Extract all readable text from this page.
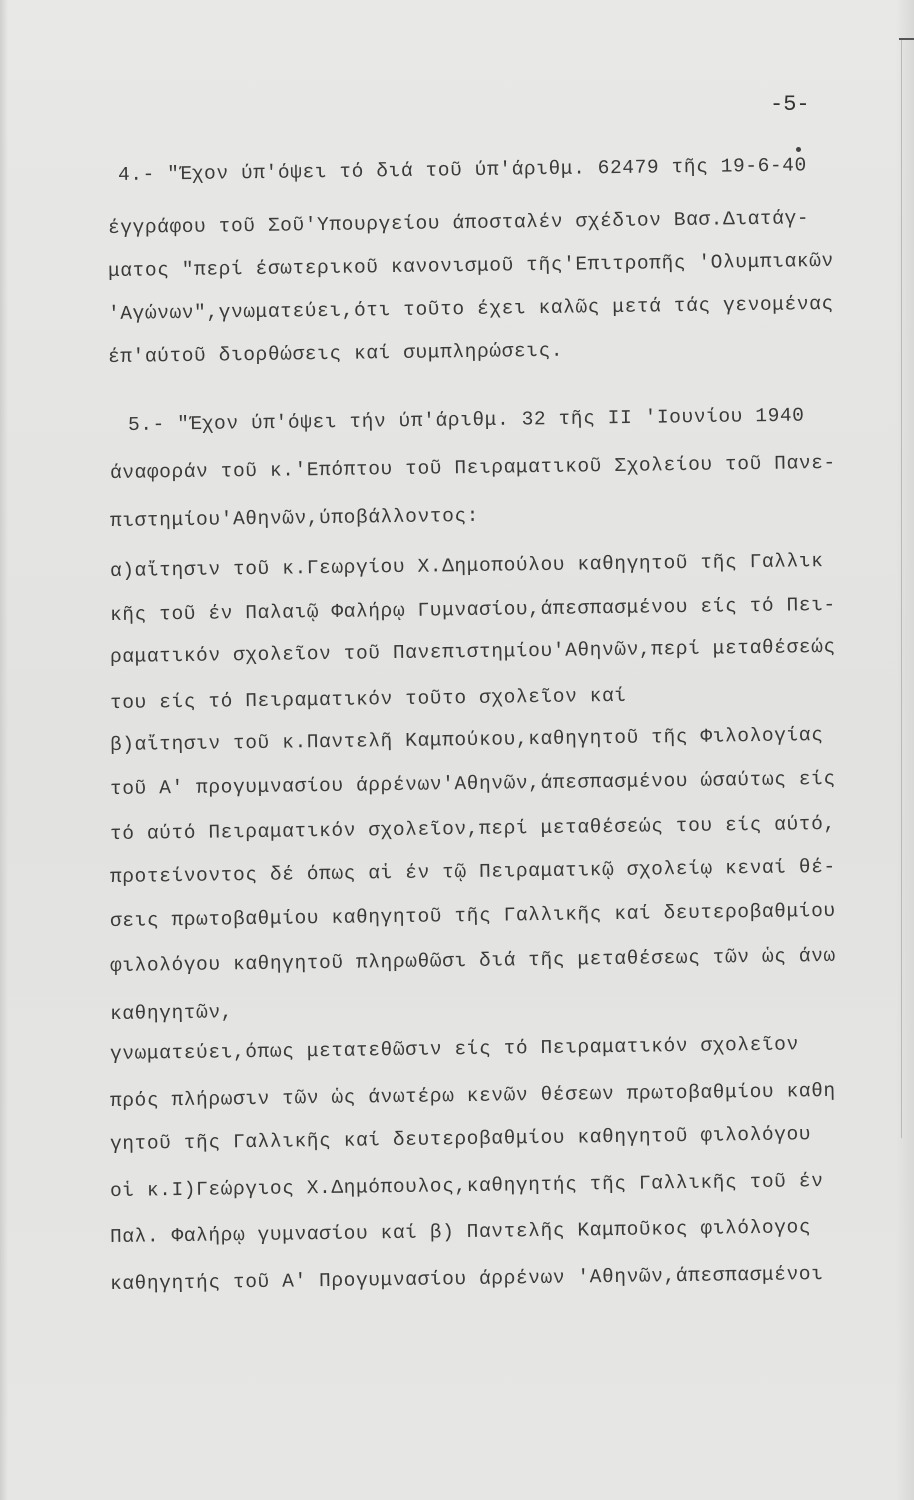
-5-
4.- "Έχον ύπ'όψει τό διά τοῦ ύπ'άριθμ. 62479 τῆς 19-6-40
έγγράφου τοῦ Σοῦ'Υπουργείου άποσταλέν σχέδιον Βασ.Διατάγ-
ματος "περί έσωτερικοῦ κανονισμοῦ τῆς'Επιτροπῆς 'Ολυμπιακῶν
'Αγώνων",γνωματεύει,ότι τοῦτο έχει καλῶς μετά τάς γενομένας
έπ'αύτοῦ διορθώσεις καί συμπληρώσεις.
5.- "Έχον ύπ'όψει τήν ύπ'άριθμ. 32 τῆς ΙΙ 'Ιουνίου 1940
άναφοράν τοῦ κ.'Επόπτου τοῦ Πειραματικοῦ Σχολείου τοῦ Πανε-
πιστημίου'Αθηνῶν,ύποβάλλοντος:
α)αἴτησιν τοῦ κ.Γεωργίου Χ.Δημοπούλου καθηγητοῦ τῆς Γαλλικ
κῆς τοῦ έν Παλαιῷ Φαλήρῳ Γυμνασίου,άπεσπασμένου είς τό Πει-
ραματικόν σχολεῖον τοῦ Πανεπιστημίου'Αθηνῶν,περί μεταθέσεώς
του είς τό Πειραματικόν τοῦτο σχολεῖον καί
β)αἴτησιν τοῦ κ.Παντελῆ Καμπούκου,καθηγητοῦ τῆς Φιλολογίας
τοῦ Α' προγυμνασίου άρρένων'Αθηνῶν,άπεσπασμένου ώσαύτως είς
τό αύτό Πειραματικόν σχολεῖον,περί μεταθέσεώς του είς αύτό,
προτείνοντος δέ όπως αἱ έν τῷ Πειραματικῷ σχολείῳ κεναί θέ-
σεις πρωτοβαθμίου καθηγητοῦ τῆς Γαλλικῆς καί δευτεροβαθμίου
φιλολόγου καθηγητοῦ πληρωθῶσι διά τῆς μεταθέσεως τῶν ὡς άνω
καθηγητῶν,
γνωματεύει,όπως μετατεθῶσιν είς τό Πειραματικόν σχολεῖον
πρός πλήρωσιν τῶν ὡς άνωτέρω κενῶν θέσεων πρωτοβαθμίου καθη
γητοῦ τῆς Γαλλικῆς καί δευτεροβαθμίου καθηγητοῦ φιλολόγου
οἱ κ.Ι)Γεώργιος Χ.Δημόπουλος,καθηγητής τῆς Γαλλικῆς τοῦ έν
Παλ. Φαλήρῳ γυμνασίου καί β) Παντελῆς Καμποῦκος φιλόλογος
καθηγητής τοῦ Α' Προγυμνασίου άρρένων 'Αθηνῶν,άπεσπασμένοι
